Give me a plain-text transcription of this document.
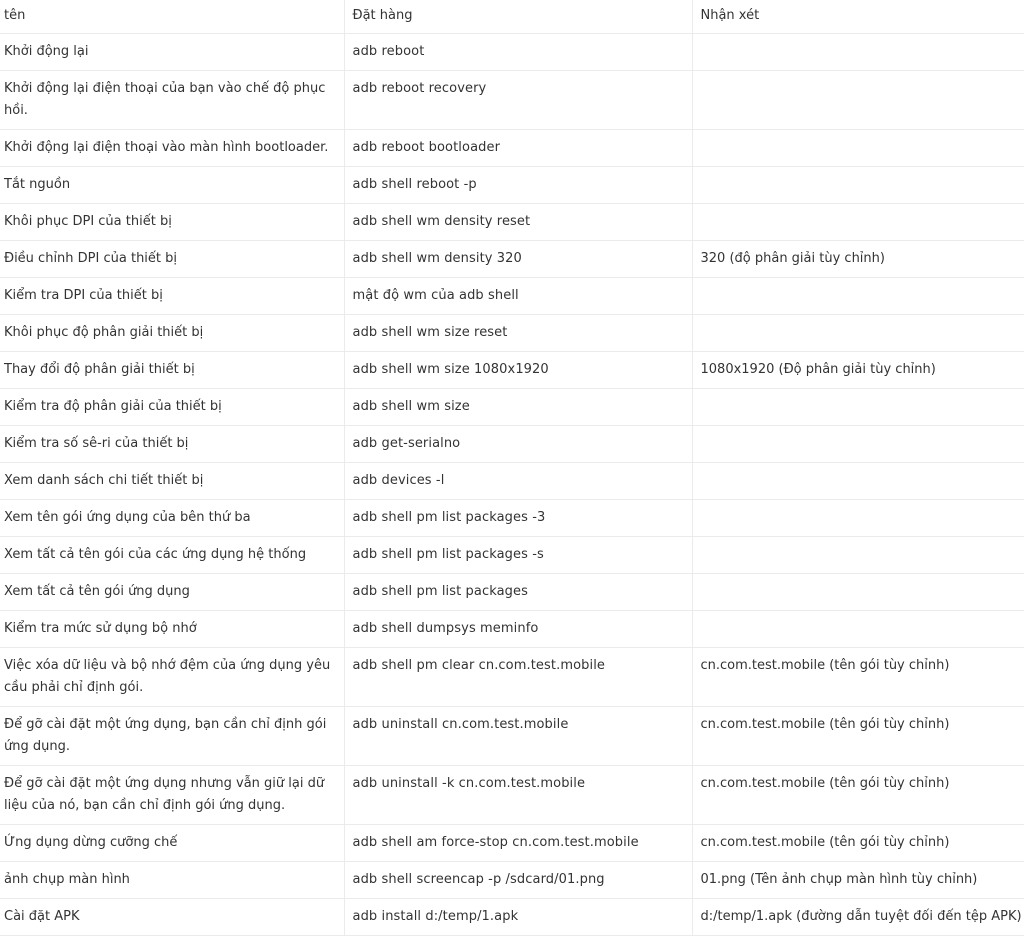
tên	Đặt hàng	Nhận xét
Khởi động lại	adb reboot	
Khởi động lại điện thoại của bạn vào chế độ phục hồi.	adb reboot recovery	
Khởi động lại điện thoại vào màn hình bootloader.	adb reboot bootloader	
Tắt nguồn	adb shell reboot -p	
Khôi phục DPI của thiết bị	adb shell wm density reset	
Điều chỉnh DPI của thiết bị	adb shell wm density 320	320 (độ phân giải tùy chỉnh)
Kiểm tra DPI của thiết bị	mật độ wm của adb shell	
Khôi phục độ phân giải thiết bị	adb shell wm size reset	
Thay đổi độ phân giải thiết bị	adb shell wm size 1080x1920	1080x1920 (Độ phân giải tùy chỉnh)
Kiểm tra độ phân giải của thiết bị	adb shell wm size	
Kiểm tra số sê-ri của thiết bị	adb get-serialno	
Xem danh sách chi tiết thiết bị	adb devices -l	
Xem tên gói ứng dụng của bên thứ ba	adb shell pm list packages -3	
Xem tất cả tên gói của các ứng dụng hệ thống	adb shell pm list packages -s	
Xem tất cả tên gói ứng dụng	adb shell pm list packages	
Kiểm tra mức sử dụng bộ nhớ	adb shell dumpsys meminfo	
Việc xóa dữ liệu và bộ nhớ đệm của ứng dụng yêu cầu phải chỉ định gói.	adb shell pm clear cn.com.test.mobile	cn.com.test.mobile (tên gói tùy chỉnh)
Để gỡ cài đặt một ứng dụng, bạn cần chỉ định gói ứng dụng.	adb uninstall cn.com.test.mobile	cn.com.test.mobile (tên gói tùy chỉnh)
Để gỡ cài đặt một ứng dụng nhưng vẫn giữ lại dữ liệu của nó, bạn cần chỉ định gói ứng dụng.	adb uninstall -k cn.com.test.mobile	cn.com.test.mobile (tên gói tùy chỉnh)
Ứng dụng dừng cưỡng chế	adb shell am force-stop cn.com.test.mobile	cn.com.test.mobile (tên gói tùy chỉnh)
ảnh chụp màn hình	adb shell screencap -p /sdcard/01.png	01.png (Tên ảnh chụp màn hình tùy chỉnh)
Cài đặt APK	adb install d:/temp/1.apk	d:/temp/1.apk (đường dẫn tuyệt đối đến tệp APK)
